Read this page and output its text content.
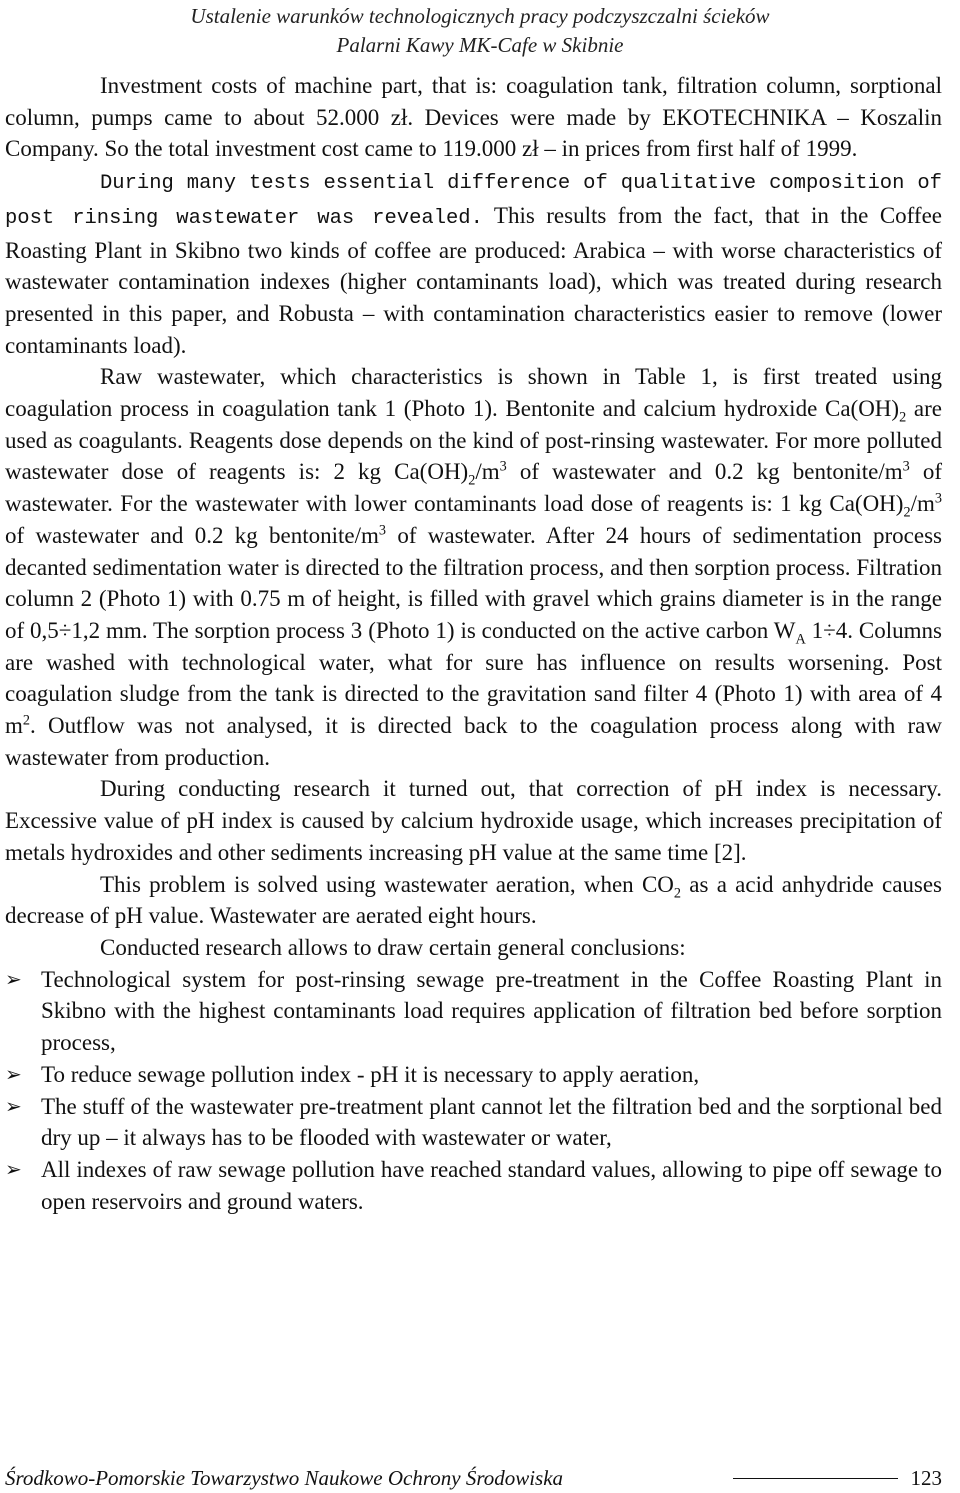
Ustalenie warunków technologicznych pracy podczyszczalni ścieków
Palarni Kawy MK-Cafe w Skibnie

Investment costs of machine part, that is: coagulation tank, filtration column, sorptional column, pumps came to about 52.000 zł. Devices were made by EKOTECHNIKA – Koszalin Company. So the total investment cost came to 119.000 zł – in prices from first half of 1999.

During many tests essential difference of qualitative composition of post rinsing wastewater was revealed. This results from the fact, that in the Coffee Roasting Plant in Skibno two kinds of coffee are produced: Arabica – with worse characteristics of wastewater contamination indexes (higher contaminants load), which was treated during research presented in this paper, and Robusta – with contamination characteristics easier to remove (lower contaminants load).

Raw wastewater, which characteristics is shown in Table 1, is first treated using coagulation process in coagulation tank 1 (Photo 1). Bentonite and calcium hydroxide $Ca(OH)_2$ are used as coagulants. Reagents dose depends on the kind of post-rinsing wastewater. For more polluted wastewater dose of reagents is: 2 kg $Ca(OH)_2/m^3$ of wastewater and 0.2 kg bentonite/$m^3$ of wastewater. For the wastewater with lower contaminants load dose of reagents is: 1 kg $Ca(OH)_2/m^3$ of wastewater and 0.2 kg bentonite/$m^3$ of wastewater. After 24 hours of sedimentation process decanted sedimentation water is directed to the filtration process, and then sorption process. Filtration column 2 (Photo 1) with 0.75 m of height, is filled with gravel which grains diameter is in the range of 0,5÷1,2 mm. The sorption process 3 (Photo 1) is conducted on the active carbon $W_A$ 1÷4. Columns are washed with technological water, what for sure has influence on results worsening. Post coagulation sludge from the tank is directed to the gravitation sand filter 4 (Photo 1) with area of 4 $m^2$. Outflow was not analysed, it is directed back to the coagulation process along with raw wastewater from production.

During conducting research it turned out, that correction of pH index is necessary. Excessive value of pH index is caused by calcium hydroxide usage, which increases precipitation of metals hydroxides and other sediments increasing pH value at the same time [2].

This problem is solved using wastewater aeration, when $CO_2$ as a acid anhydride causes decrease of pH value. Wastewater are aerated eight hours.

Conducted research allows to draw certain general conclusions:

➢ Technological system for post-rinsing sewage pre-treatment in the Coffee Roasting Plant in Skibno with the highest contaminants load requires application of filtration bed before sorption process,
➢ To reduce sewage pollution index - pH it is necessary to apply aeration,
➢ The stuff of the wastewater pre-treatment plant cannot let the filtration bed and the sorptional bed dry up – it always has to be flooded with wastewater or water,
➢ All indexes of raw sewage pollution have reached standard values, allowing to pipe off sewage to open reservoirs and ground waters.
Środkowo-Pomorskie Towarzystwo Naukowe Ochrony Środowiska	123
